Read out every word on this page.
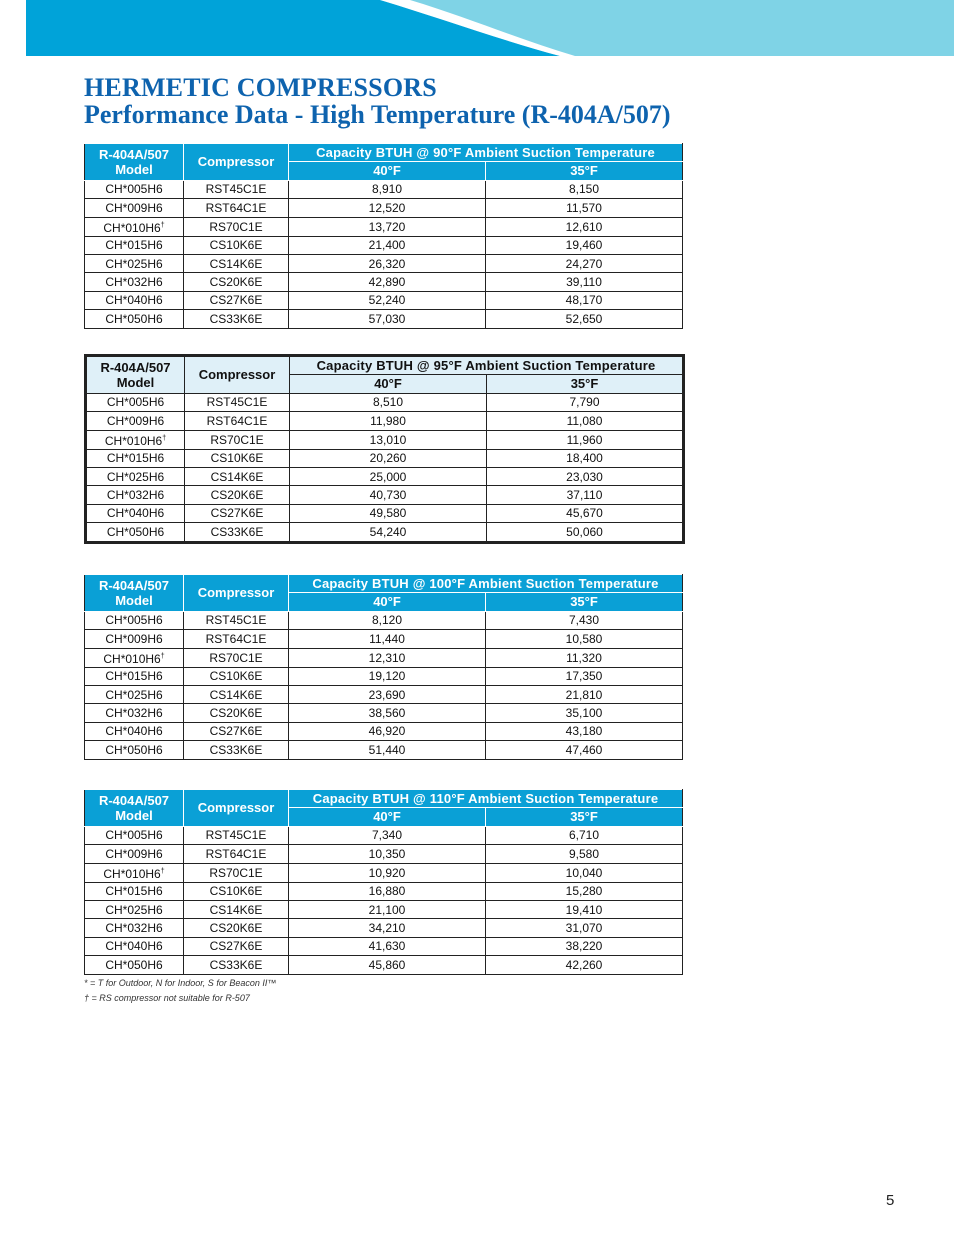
HERMETIC COMPRESSORS
Performance Data - High Temperature (R-404A/507)
R-404A/507
Model	Compressor	Capacity BTUH @ 90°F Ambient Suction Temperature	
		40°F	35°F
CH*005H6	RST45C1E	8,910	8,150
CH*009H6	RST64C1E	12,520	11,570
CH*010H6†	RS70C1E	13,720	12,610
CH*015H6	CS10K6E	21,400	19,460
CH*025H6	CS14K6E	26,320	24,270
CH*032H6	CS20K6E	42,890	39,110
CH*040H6	CS27K6E	52,240	48,170
CH*050H6	CS33K6E	57,030	52,650
R-404A/507
Model	Compressor	Capacity BTUH @ 95°F Ambient Suction Temperature	
		40°F	35°F
CH*005H6	RST45C1E	8,510	7,790
CH*009H6	RST64C1E	11,980	11,080
CH*010H6†	RS70C1E	13,010	11,960
CH*015H6	CS10K6E	20,260	18,400
CH*025H6	CS14K6E	25,000	23,030
CH*032H6	CS20K6E	40,730	37,110
CH*040H6	CS27K6E	49,580	45,670
CH*050H6	CS33K6E	54,240	50,060
R-404A/507
Model	Compressor	Capacity BTUH @ 100°F Ambient Suction Temperature	
		40°F	35°F
CH*005H6	RST45C1E	8,120	7,430
CH*009H6	RST64C1E	11,440	10,580
CH*010H6†	RS70C1E	12,310	11,320
CH*015H6	CS10K6E	19,120	17,350
CH*025H6	CS14K6E	23,690	21,810
CH*032H6	CS20K6E	38,560	35,100
CH*040H6	CS27K6E	46,920	43,180
CH*050H6	CS33K6E	51,440	47,460
R-404A/507
Model	Compressor	Capacity BTUH @ 110°F Ambient Suction Temperature	
		40°F	35°F
CH*005H6	RST45C1E	7,340	6,710
CH*009H6	RST64C1E	10,350	9,580
CH*010H6†	RS70C1E	10,920	10,040
CH*015H6	CS10K6E	16,880	15,280
CH*025H6	CS14K6E	21,100	19,410
CH*032H6	CS20K6E	34,210	31,070
CH*040H6	CS27K6E	41,630	38,220
CH*050H6	CS33K6E	45,860	42,260
* = T for Outdoor, N for Indoor, S for Beacon II™
† = RS compressor not suitable for R-507
5
